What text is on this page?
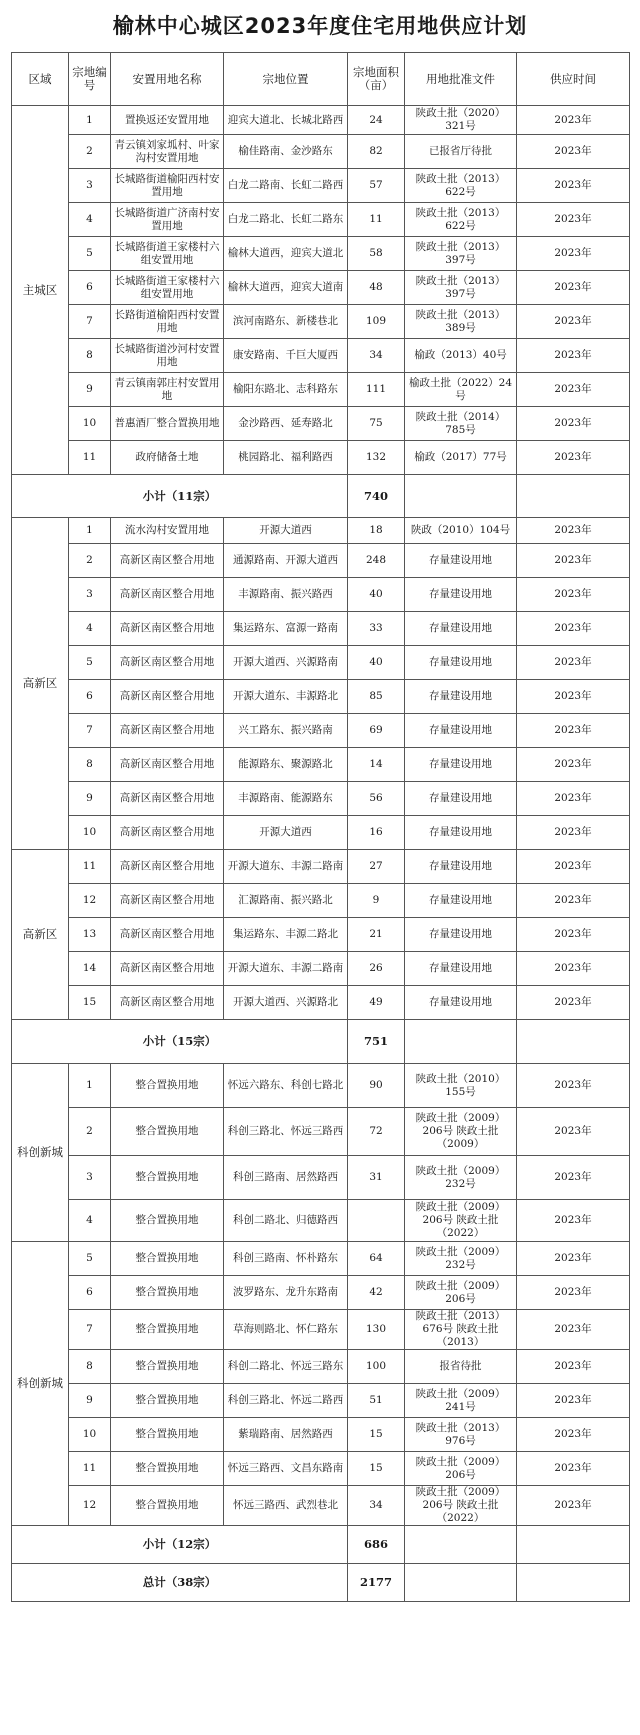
榆林中心城区2023年度住宅用地供应计划
区域	宗地编号	安置用地名称	宗地位置	宗地面积（亩）	用地批准文件	供应时间
主城区	1	置换返还安置用地	迎宾大道北、长城北路西	24	陕政土批（2020）321号	2023年
	2	青云镇刘家坬村、叶家沟村安置用地	榆佳路南、金沙路东	82	已报省厅待批	2023年
	3	长城路街道榆阳西村安置用地	白龙二路南、长虹二路西	57	陕政土批（2013）622号	2023年
	4	长城路街道广济南村安置用地	白龙二路北、长虹二路东	11	陕政土批（2013）622号	2023年
	5	长城路街道王家楼村六组安置用地	榆林大道西，迎宾大道北	58	陕政土批（2013）397号	2023年
	6	长城路街道王家楼村六组安置用地	榆林大道西，迎宾大道南	48	陕政土批（2013）397号	2023年
	7	长路街道榆阳西村安置用地	滨河南路东、新楼巷北	109	陕政土批（2013）389号	2023年
	8	长城路街道沙河村安置用地	康安路南、千巨大厦西	34	榆政（2013）40号	2023年
	9	青云镇南郭庄村安置用地	榆阳东路北、志科路东	111	榆政土批（2022）24号	2023年
	10	普惠酒厂整合置换用地	金沙路西、延寿路北	75	陕政土批（2014）785号	2023年
	11	政府储备土地	桃园路北、福利路西	132	榆政（2017）77号	2023年
小计（11宗）				740		
高新区	1	流水沟村安置用地	开源大道西	18	陕政（2010）104号	2023年
	2	高新区南区整合用地	通源路南、开源大道西	248	存量建设用地	2023年
	3	高新区南区整合用地	丰源路南、振兴路西	40	存量建设用地	2023年
	4	高新区南区整合用地	集运路东、富源一路南	33	存量建设用地	2023年
	5	高新区南区整合用地	开源大道西、兴源路南	40	存量建设用地	2023年
	6	高新区南区整合用地	开源大道东、丰源路北	85	存量建设用地	2023年
	7	高新区南区整合用地	兴工路东、振兴路南	69	存量建设用地	2023年
	8	高新区南区整合用地	能源路东、聚源路北	14	存量建设用地	2023年
	9	高新区南区整合用地	丰源路南、能源路东	56	存量建设用地	2023年
	10	高新区南区整合用地	开源大道西	16	存量建设用地	2023年
高新区	11	高新区南区整合用地	开源大道东、丰源二路南	27	存量建设用地	2023年
	12	高新区南区整合用地	汇源路南、振兴路北	9	存量建设用地	2023年
	13	高新区南区整合用地	集运路东、丰源二路北	21	存量建设用地	2023年
	14	高新区南区整合用地	开源大道东、丰源二路南	26	存量建设用地	2023年
	15	高新区南区整合用地	开源大道西、兴源路北	49	存量建设用地	2023年
小计（15宗）				751		
科创新城	1	整合置换用地	怀远六路东、科创七路北	90	陕政土批（2010）155号	2023年
	2	整合置换用地	科创三路北、怀远三路西	72	陕政土批（2009）206号 陕政土批（2009）	2023年
	3	整合置换用地	科创三路南、居然路西	31	陕政土批（2009）232号	2023年
	4	整合置换用地	科创二路北、归德路西		陕政土批（2009）206号 陕政土批（2022）	2023年
科创新城	5	整合置换用地	科创三路南、怀朴路东	64	陕政土批（2009）232号	2023年
	6	整合置换用地	波罗路东、龙升东路南	42	陕政土批（2009）206号	2023年
	7	整合置换用地	草海则路北、怀仁路东	130	陕政土批（2013）676号 陕政土批（2013）	2023年
	8	整合置换用地	科创二路北、怀远三路东	100	报省待批	2023年
	9	整合置换用地	科创三路北、怀远二路西	51	陕政土批（2009）241号	2023年
	10	整合置换用地	紫瑞路南、居然路西	15	陕政土批（2013）976号	2023年
	11	整合置换用地	怀远三路西、文昌东路南	15	陕政土批（2009）206号	2023年
	12	整合置换用地	怀远三路西、武烈巷北	34	陕政土批（2009）206号 陕政土批（2022）	2023年
小计（12宗）				686		
总计（38宗）				2177		
